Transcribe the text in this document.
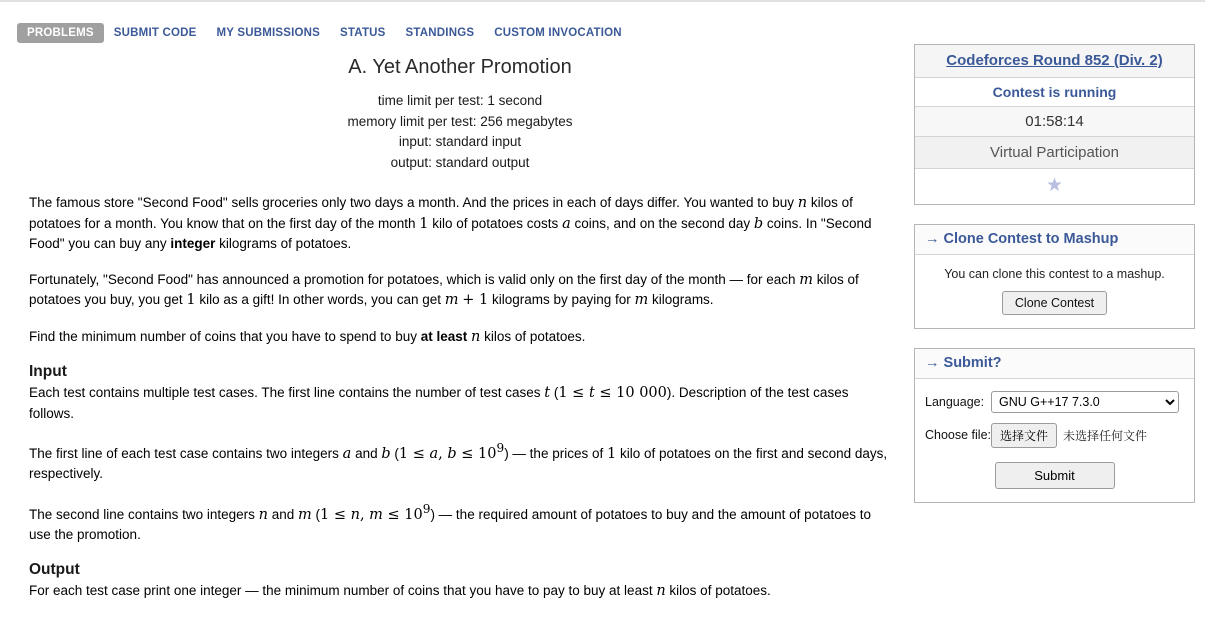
PROBLEMS	SUBMIT CODE	MY SUBMISSIONS	STATUS	STANDINGS	CUSTOM INVOCATION
A. Yet Another Promotion
time limit per test: 1 second
memory limit per test: 256 megabytes
input: standard input
output: standard output

The famous store "Second Food" sells groceries only two days a month. And the prices in each of days differ. You wanted to buy n kilos of potatoes for a month. You know that on the first day of the month 1 kilo of potatoes costs a coins, and on the second day b coins. In "Second Food" you can buy any integer kilograms of potatoes.

Fortunately, "Second Food" has announced a promotion for potatoes, which is valid only on the first day of the month — for each m kilos of potatoes you buy, you get 1 kilo as a gift! In other words, you can get m + 1 kilograms by paying for m kilograms.

Find the minimum number of coins that you have to spend to buy at least n kilos of potatoes.

Input

Each test contains multiple test cases. The first line contains the number of test cases t (1 ≤ t ≤ 10 000). Description of the test cases follows.

The first line of each test case contains two integers a and b (1 ≤ a, $b \le 10^9$) — the prices of 1 kilo of potatoes on the first and second days, respectively.

The second line contains two integers n and m (1 ≤ n, $m \le 10^9$) — the required amount of potatoes to buy and the amount of potatoes to use the promotion.

Output

For each test case print one integer — the minimum number of coins that you have to pay to buy at least n kilos of potatoes.

Codeforces Round 852 (Div. 2)
Contest is running
01:58:14
Virtual Participation
★
→ Clone Contest to Mashup
You can clone this contest to a mashup.
Clone Contest
→ Submit?
Language:
GNU G++17 7.3.0
Choose file: 选择文件	未选择任何文件
Submit
